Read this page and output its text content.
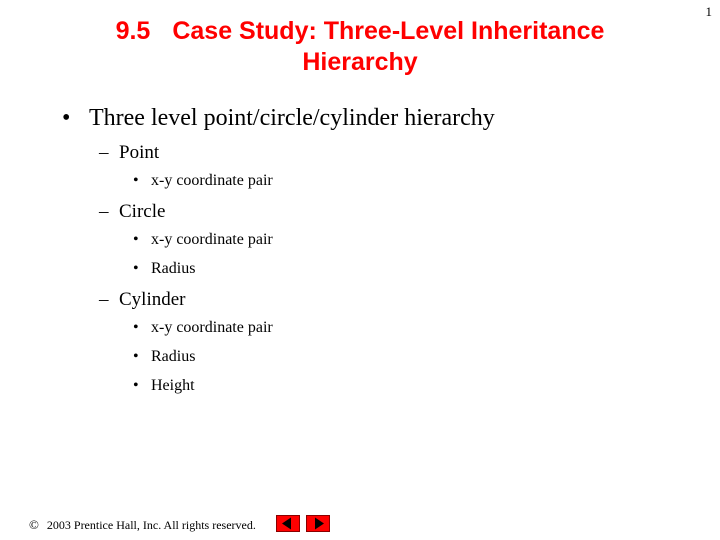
1
9.5 Case Study: Three-Level Inheritance
Hierarchy
• Three level point/circle/cylinder hierarchy
– Point
• x-y coordinate pair
– Circle
• x-y coordinate pair
• Radius
– Cylinder
• x-y coordinate pair
• Radius
• Height
© 2003 Prentice Hall, Inc. All rights reserved.
